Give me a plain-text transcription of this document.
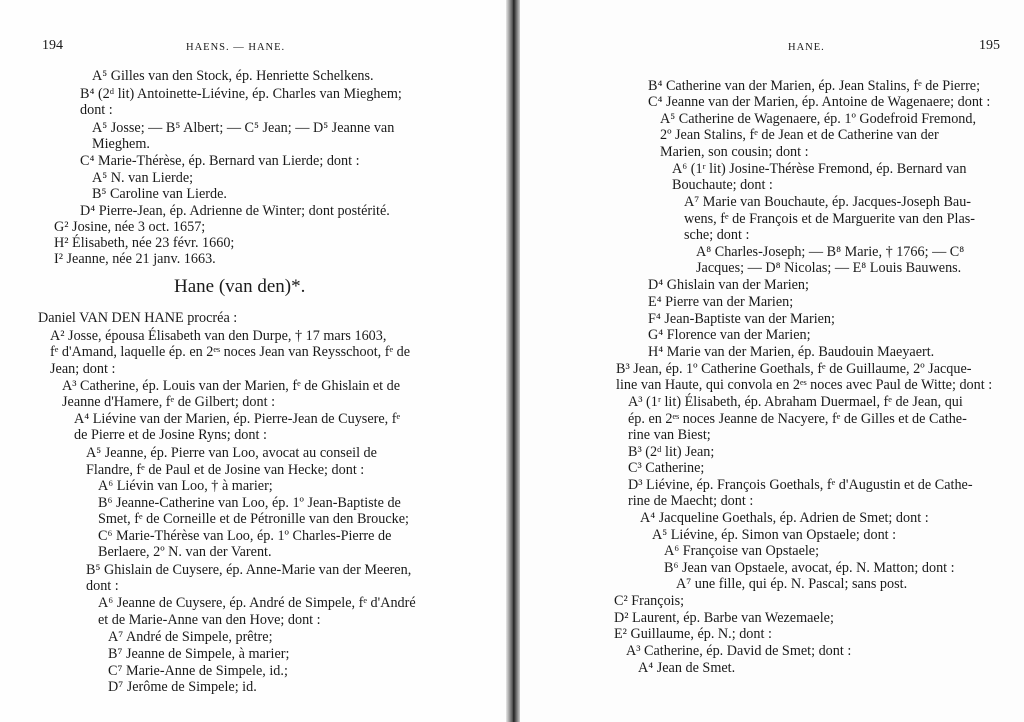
194	HAENS. — HANE.
A⁵ Gilles van den Stock, ép. Henriette Schelkens.
B⁴ (2ᵈ lit) Antoinette-Liévine, ép. Charles van Mieghem;
dont :
A⁵ Josse; — B⁵ Albert; — C⁵ Jean; — D⁵ Jeanne van
Mieghem.
C⁴ Marie-Thérèse, ép. Bernard van Lierde; dont :
A⁵ N. van Lierde;
B⁵ Caroline van Lierde.
D⁴ Pierre-Jean, ép. Adrienne de Winter; dont postérité.
G² Josine, née 3 oct. 1657;
H² Élisabeth, née 23 févr. 1660;
I² Jeanne, née 21 janv. 1663.
Hane (van den)*.
Daniel VAN DEN HANE procréa :
A² Josse, épousa Élisabeth van den Durpe, † 17 mars 1603,
fᵉ d'Amand, laquelle ép. en 2ᵉˢ noces Jean van Reysschoot, fᵉ de
Jean; dont :
A³ Catherine, ép. Louis van der Marien, fᵉ de Ghislain et de
Jeanne d'Hamere, fᵉ de Gilbert; dont :
A⁴ Liévine van der Marien, ép. Pierre-Jean de Cuysere, fᵉ
de Pierre et de Josine Ryns; dont :
A⁵ Jeanne, ép. Pierre van Loo, avocat au conseil de
Flandre, fᵉ de Paul et de Josine van Hecke; dont :
A⁶ Liévin van Loo, † à marier;
B⁶ Jeanne-Catherine van Loo, ép. 1º Jean-Baptiste de
Smet, fᵉ de Corneille et de Pétronille van den Broucke;
C⁶ Marie-Thérèse van Loo, ép. 1º Charles-Pierre de
Berlaere, 2º N. van der Varent.
B⁵ Ghislain de Cuysere, ép. Anne-Marie van der Meeren,
dont :
A⁶ Jeanne de Cuysere, ép. André de Simpele, fᵉ d'André
et de Marie-Anne van den Hove; dont :
A⁷ André de Simpele, prêtre;
B⁷ Jeanne de Simpele, à marier;
C⁷ Marie-Anne de Simpele, id.;
D⁷ Jerôme de Simpele; id.
HANE.	195
B⁴ Catherine van der Marien, ép. Jean Stalins, fᵉ de Pierre;
C⁴ Jeanne van der Marien, ép. Antoine de Wagenaere; dont :
A⁵ Catherine de Wagenaere, ép. 1º Godefroid Fremond,
2º Jean Stalins, fᵉ de Jean et de Catherine van der
Marien, son cousin; dont :
A⁶ (1ʳ lit) Josine-Thérèse Fremond, ép. Bernard van
Bouchaute; dont :
A⁷ Marie van Bouchaute, ép. Jacques-Joseph Bau-
wens, fᵉ de François et de Marguerite van den Plas-
sche; dont :
A⁸ Charles-Joseph; — B⁸ Marie, † 1766; — C⁸
Jacques; — D⁸ Nicolas; — E⁸ Louis Bauwens.
D⁴ Ghislain van der Marien;
E⁴ Pierre van der Marien;
F⁴ Jean-Baptiste van der Marien;
G⁴ Florence van der Marien;
H⁴ Marie van der Marien, ép. Baudouin Maeyaert.
B³ Jean, ép. 1º Catherine Goethals, fᵉ de Guillaume, 2º Jacque-
line van Haute, qui convola en 2ᵉˢ noces avec Paul de Witte; dont :
A³ (1ʳ lit) Élisabeth, ép. Abraham Duermael, fᵉ de Jean, qui
ép. en 2ᵉˢ noces Jeanne de Nacyere, fᵉ de Gilles et de Cathe-
rine van Biest;
B³ (2ᵈ lit) Jean;
C³ Catherine;
D³ Liévine, ép. François Goethals, fᵉ d'Augustin et de Cathe-
rine de Maecht; dont :
A⁴ Jacqueline Goethals, ép. Adrien de Smet; dont :
A⁵ Liévine, ép. Simon van Opstaele; dont :
A⁶ Françoise van Opstaele;
B⁶ Jean van Opstaele, avocat, ép. N. Matton; dont :
A⁷ une fille, qui ép. N. Pascal; sans post.
C² François;
D² Laurent, ép. Barbe van Wezemaele;
E² Guillaume, ép. N.; dont :
A³ Catherine, ép. David de Smet; dont :
A⁴ Jean de Smet.
